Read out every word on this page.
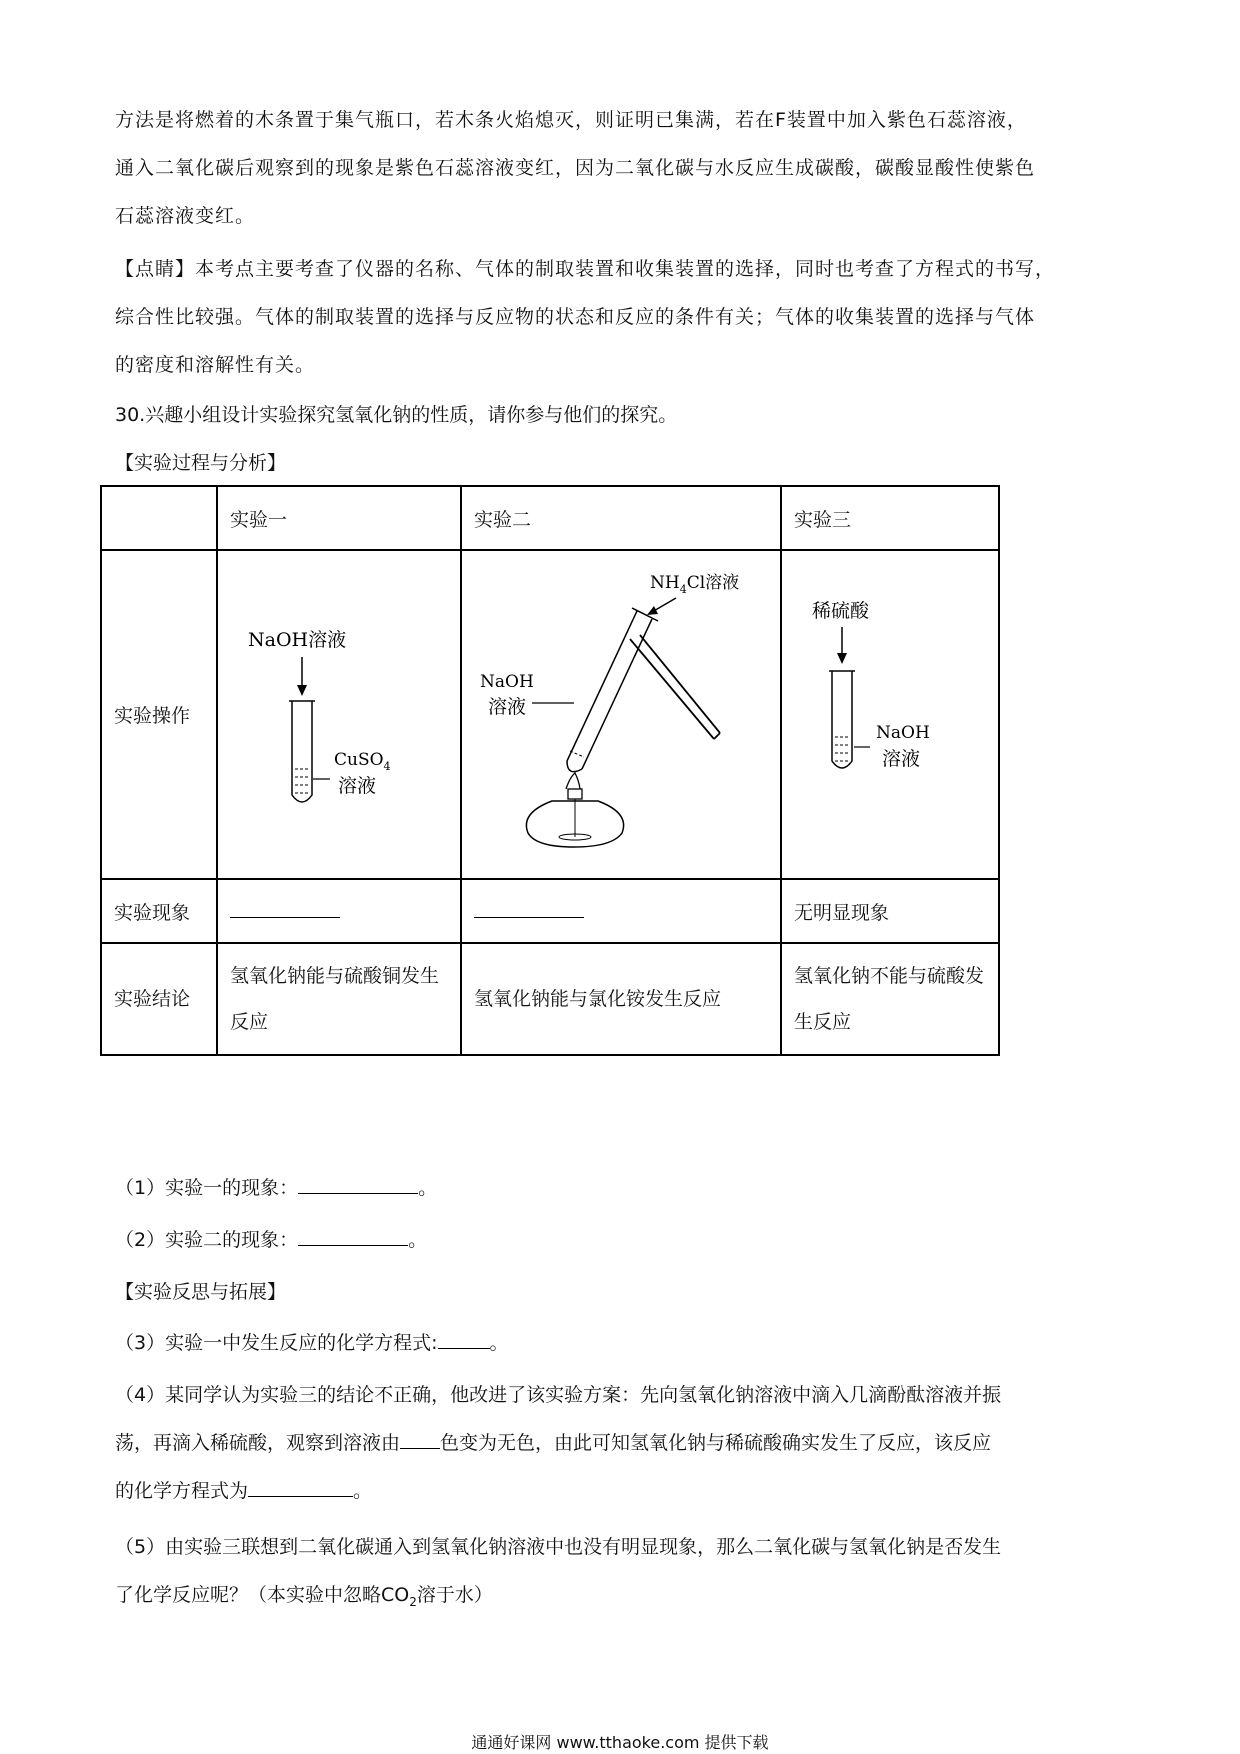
方法是将燃着的木条置于集气瓶口，若木条火焰熄灭，则证明已集满，若在F装置中加入紫色石蕊溶液，
通入二氧化碳后观察到的现象是紫色石蕊溶液变红，因为二氧化碳与水反应生成碳酸，碳酸显酸性使紫色
石蕊溶液变红。
【点睛】本考点主要考查了仪器的名称、气体的制取装置和收集装置的选择，同时也考查了方程式的书写，
综合性比较强。气体的制取装置的选择与反应物的状态和反应的条件有关；气体的收集装置的选择与气体
的密度和溶解性有关。
30.兴趣小组设计实验探究氢氧化钠的性质，请你参与他们的探究。
【实验过程与分析】
	实验一	实验二	实验三
实验操作	NaOH溶液
CuSO$_4$
溶液	$NH_4Cl$溶液
NaOH
溶液	稀硫酸
NaOH
溶液

实验现象			无明显现象
实验结论	氢氧化钠能与硫酸铜发生反应	氢氧化钠能与氯化铵发生反应	氢氧化钠不能与硫酸发生反应
（1）实验一的现象：	。
（2）实验二的现象：	。
【实验反思与拓展】
（3）实验一中发生反应的化学方程式:	。
（4）某同学认为实验三的结论不正确，他改进了该实验方案：先向氢氧化钠溶液中滴入几滴酚酞溶液并振
荡，再滴入稀硫酸，观察到溶液由 色变为无色，由此可知氢氧化钠与稀硫酸确实发生了反应，该反应
的化学方程式为	。
（5）由实验三联想到二氧化碳通入到氢氧化钠溶液中也没有明显现象，那么二氧化碳与氢氧化钠是否发生
了化学反应呢？（本实验中忽略$CO_2$溶于水）
通通好课网 www.tthaoke.com 提供下载
